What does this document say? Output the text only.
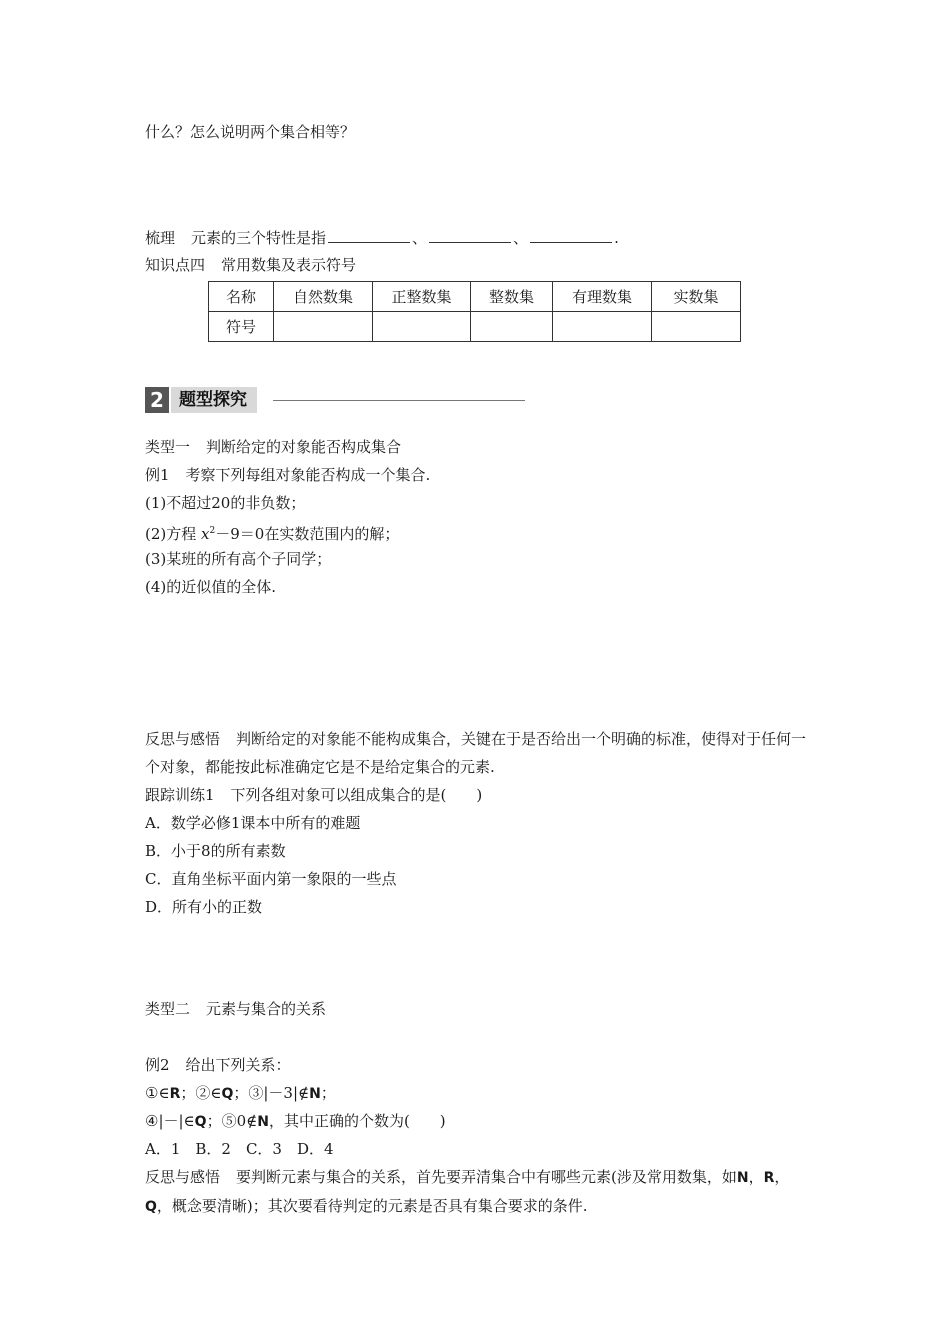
什么？怎么说明两个集合相等？
梳理 元素的三个特性是指	、	、	.
知识点四 常用数集及表示符号
名称	自然数集	正整数集	整数集	有理数集	实数集
符号					
2 题型探究
类型一 判断给定的对象能否构成集合
例1 考察下列每组对象能否构成一个集合.
(1)不超过20的非负数；
(2)方程 $x^2-9=0$在实数范围内的解；
(3)某班的所有高个子同学；
(4)的近似值的全体.
反思与感悟 判断给定的对象能不能构成集合，关键在于是否给出一个明确的标准，使得对于任何一个对象，都能按此标准确定它是不是给定集合的元素.
跟踪训练1 下列各组对象可以组成集合的是(　　)
A．数学必修1课本中所有的难题
B．小于8的所有素数
C．直角坐标平面内第一象限的一些点
D．所有小的正数
类型二 元素与集合的关系
例2 给出下列关系：
①∈R；②∈Q；③|－3|∉N；
④|－|∈Q；⑤0∉N，其中正确的个数为(　　)
A．1　B．2　C．3　D．4
反思与感悟 要判断元素与集合的关系，首先要弄清集合中有哪些元素(涉及常用数集，如N，R，Q，概念要清晰)；其次要看待判定的元素是否具有集合要求的条件.
